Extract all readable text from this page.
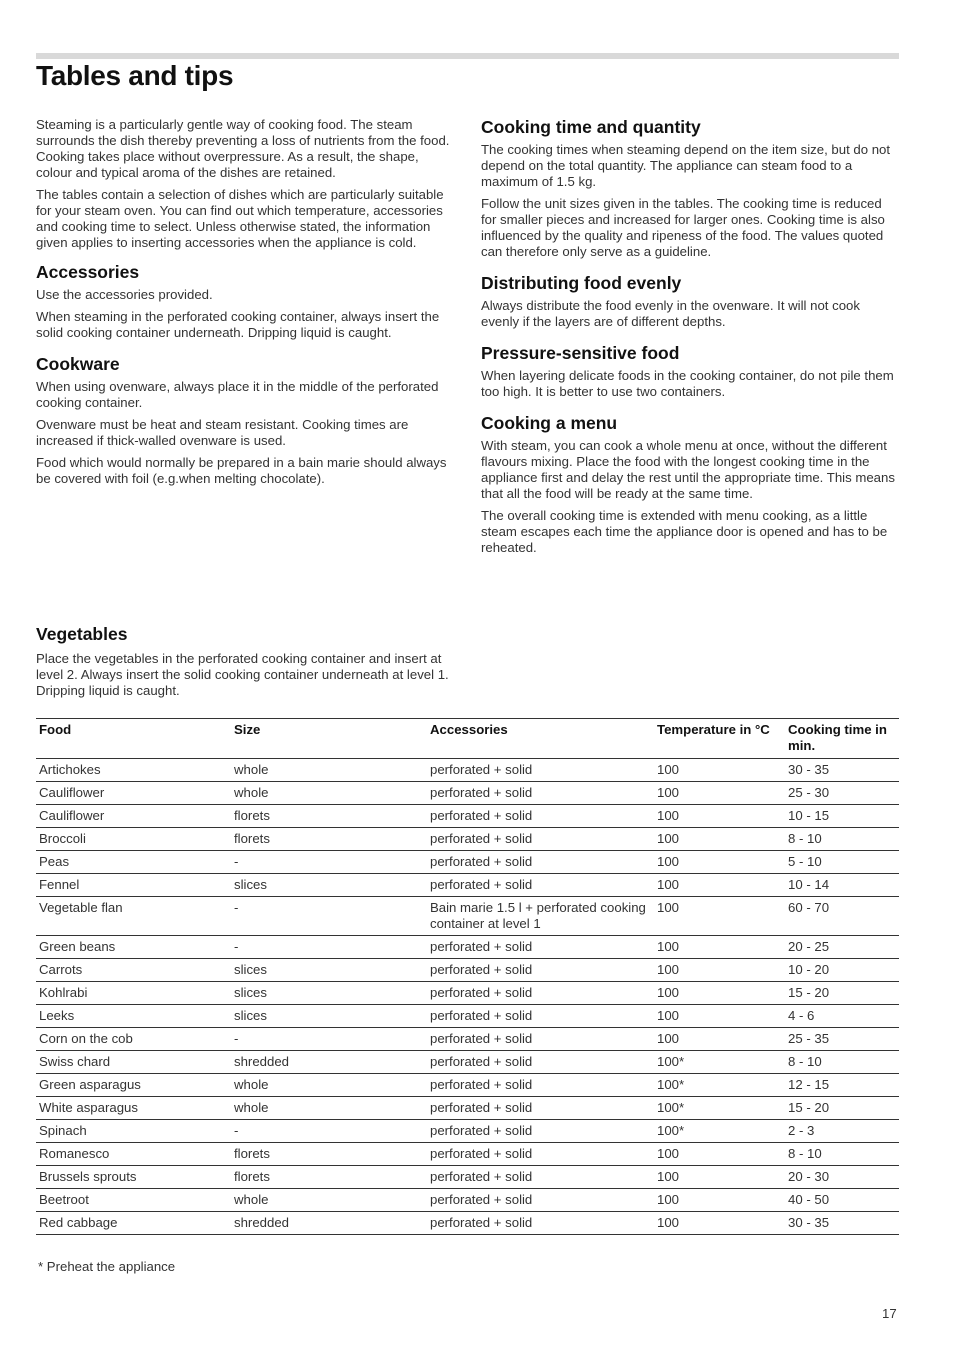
Tables and tips

Steaming is a particularly gentle way of cooking food. The steam surrounds the dish thereby preventing a loss of nutrients from the food. Cooking takes place without overpressure. As a result, the shape, colour and typical aroma of the dishes are retained.

The tables contain a selection of dishes which are particularly suitable for your steam oven. You can find out which temperature, accessories and cooking time to select. Unless otherwise stated, the information given applies to inserting accessories when the appliance is cold.

Accessories

Use the accessories provided.

When steaming in the perforated cooking container, always insert the solid cooking container underneath. Dripping liquid is caught.

Cookware

When using ovenware, always place it in the middle of the perforated cooking container.

Ovenware must be heat and steam resistant. Cooking times are increased if thick-walled ovenware is used.

Food which would normally be prepared in a bain marie should always be covered with foil (e.g.when melting chocolate).

Cooking time and quantity

The cooking times when steaming depend on the item size, but do not depend on the total quantity. The appliance can steam food to a maximum of 1.5 kg.

Follow the unit sizes given in the tables. The cooking time is reduced for smaller pieces and increased for larger ones. Cooking time is also influenced by the quality and ripeness of the food. The values quoted can therefore only serve as a guideline.

Distributing food evenly

Always distribute the food evenly in the ovenware. It will not cook evenly if the layers are of different depths.

Pressure-sensitive food

When layering delicate foods in the cooking container, do not pile them too high. It is better to use two containers.

Cooking a menu

With steam, you can cook a whole menu at once, without the different flavours mixing. Place the food with the longest cooking time in the appliance first and delay the rest until the appropriate time. This means that all the food will be ready at the same time.

The overall cooking time is extended with menu cooking, as a little steam escapes each time the appliance door is opened and has to be reheated.

Vegetables

Place the vegetables in the perforated cooking container and insert at level 2. Always insert the solid cooking container underneath at level 1. Dripping liquid is caught.

Food	Size	Accessories	Temperature in °C	Cooking time in min.
Artichokes	whole	perforated + solid	100	30 - 35
Cauliflower	whole	perforated + solid	100	25 - 30
Cauliflower	florets	perforated + solid	100	10 - 15
Broccoli	florets	perforated + solid	100	8 - 10
Peas	-	perforated + solid	100	5 - 10
Fennel	slices	perforated + solid	100	10 - 14
Vegetable flan	-	Bain marie 1.5 l + perforated cooking container at level 1	100	60 - 70
Green beans	-	perforated + solid	100	20 - 25
Carrots	slices	perforated + solid	100	10 - 20
Kohlrabi	slices	perforated + solid	100	15 - 20
Leeks	slices	perforated + solid	100	4 - 6
Corn on the cob	-	perforated + solid	100	25 - 35
Swiss chard	shredded	perforated + solid	100*	8 - 10
Green asparagus	whole	perforated + solid	100*	12 - 15
White asparagus	whole	perforated + solid	100*	15 - 20
Spinach	-	perforated + solid	100*	2 - 3
Romanesco	florets	perforated + solid	100	8 - 10
Brussels sprouts	florets	perforated + solid	100	20 - 30
Beetroot	whole	perforated + solid	100	40 - 50
Red cabbage	shredded	perforated + solid	100	30 - 35
* Preheat the appliance
17
